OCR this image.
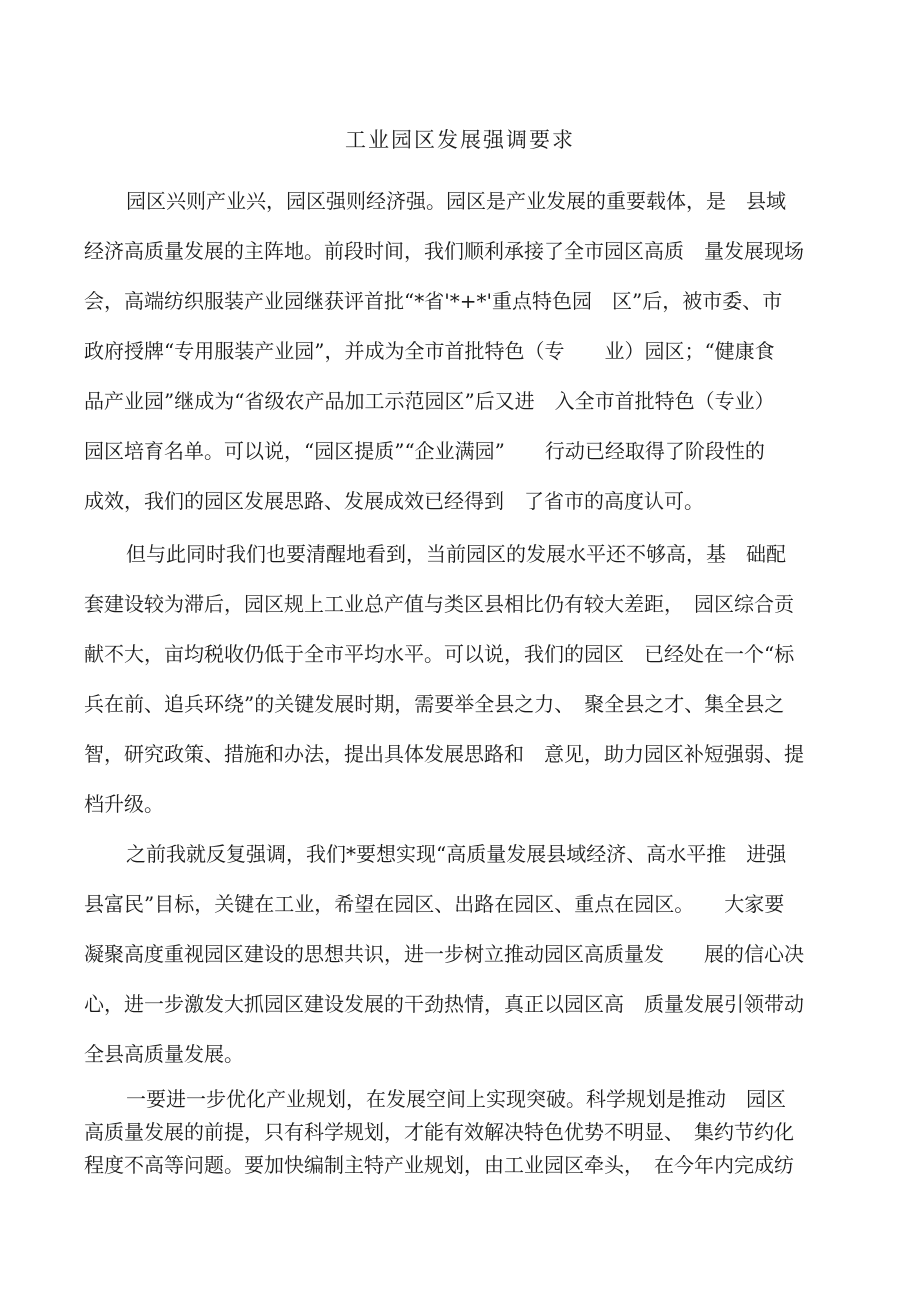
工业园区发展强调要求
园区兴则产业兴，园区强则经济强。园区是产业发展的重要载体，是　县域
经济高质量发展的主阵地。前段时间，我们顺利承接了全市园区高质　量发展现场
会，高端纺织服装产业园继获评首批“*省'*+*'重点特色园　区”后，被市委、市
政府授牌“专用服装产业园”，并成为全市首批特色（专　　业）园区；“健康食
品产业园”继成为“省级农产品加工示范园区”后又进　入全市首批特色（专业）
园区培育名单。可以说，“园区提质”“企业满园”　　行动已经取得了阶段性的
成效，我们的园区发展思路、发展成效已经得到　了省市的高度认可。
但与此同时我们也要清醒地看到，当前园区的发展水平还不够高，基　础配
套建设较为滞后，园区规上工业总产值与类区县相比仍有较大差距，　园区综合贡
献不大，亩均税收仍低于全市平均水平。可以说，我们的园区　已经处在一个“标
兵在前、追兵环绕”的关键发展时期，需要举全县之力、　聚全县之才、集全县之
智，研究政策、措施和办法，提出具体发展思路和　意见，助力园区补短强弱、提
档升级。
之前我就反复强调，我们*要想实现“高质量发展县域经济、高水平推　进强
县富民”目标，关键在工业，希望在园区、出路在园区、重点在园区。　　大家要
凝聚高度重视园区建设的思想共识，进一步树立推动园区高质量发　　展的信心决
心，进一步激发大抓园区建设发展的干劲热情，真正以园区高　质量发展引领带动
全县高质量发展。
一要进一步优化产业规划，在发展空间上实现突破。科学规划是推动　园区
高质量发展的前提，只有科学规划，才能有效解决特色优势不明显、　集约节约化
程度不高等问题。要加快编制主特产业规划，由工业园区牵头，　在今年内完成纺
